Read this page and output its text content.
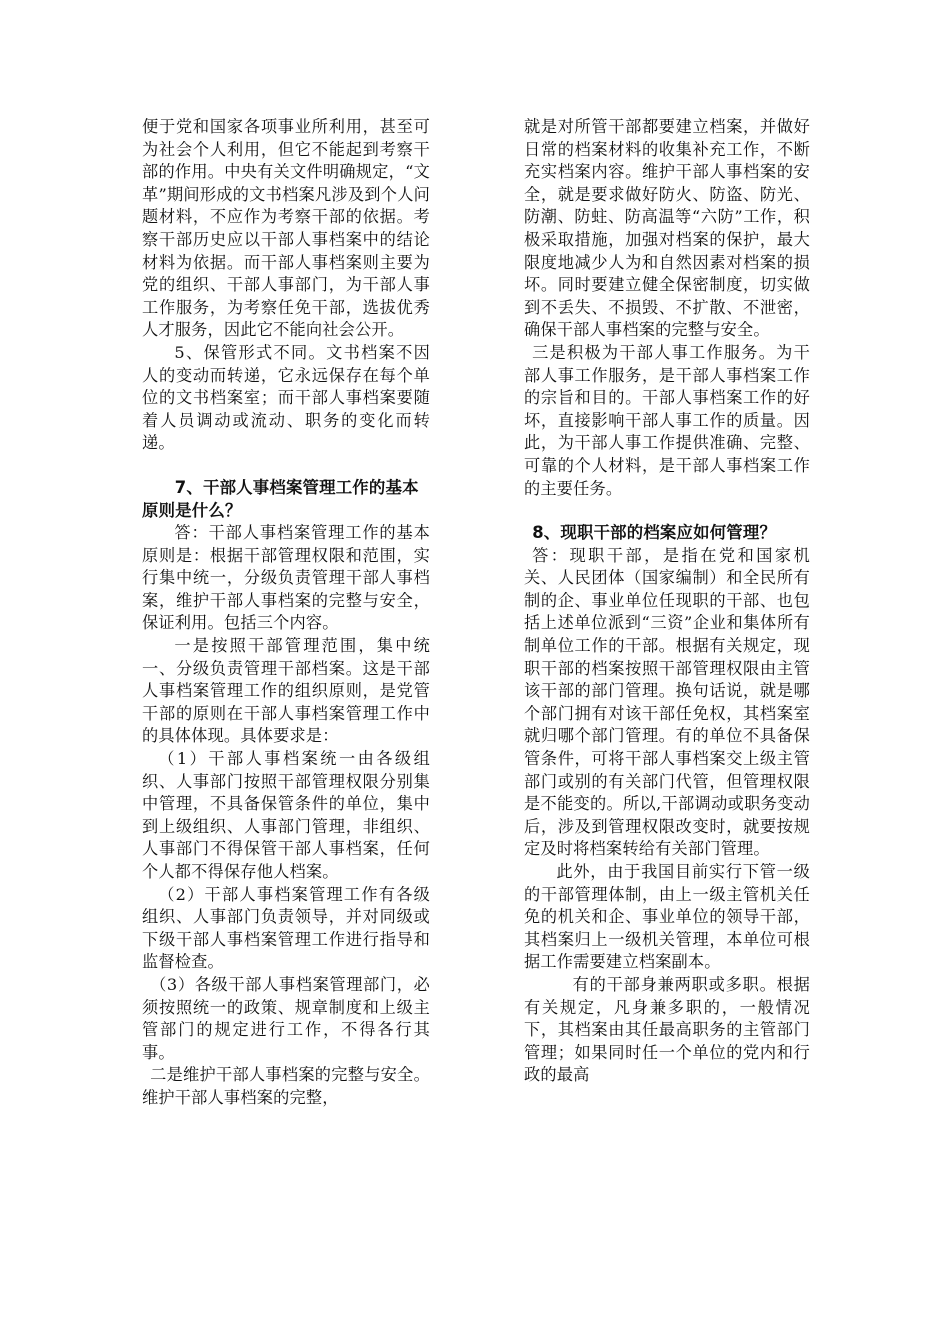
便于党和国家各项事业所利用，甚至可为社会个人利用，但它不能起到考察干部的作用。中央有关文件明确规定，“文革”期间形成的文书档案凡涉及到个人问题材料，不应作为考察干部的依据。考察干部历史应以干部人事档案中的结论材料为依据。而干部人事档案则主要为党的组织、干部人事部门，为干部人事工作服务，为考察任免干部，选拔优秀人才服务，因此它不能向社会公开。

5、保管形式不同。文书档案不因人的变动而转递，它永远保存在每个单位的文书档案室；而干部人事档案要随着人员调动或流动、职务的变化而转递。

7、干部人事档案管理工作的基本原则是什么？

答：干部人事档案管理工作的基本原则是：根据干部管理权限和范围，实行集中统一，分级负责管理干部人事档案，维护干部人事档案的完整与安全，保证利用。包括三个内容。

一是按照干部管理范围，集中统一、分级负责管理干部档案。这是干部人事档案管理工作的组织原则，是党管干部的原则在干部人事档案管理工作中的具体体现。具体要求是：

（1）干部人事档案统一由各级组织、人事部门按照干部管理权限分别集中管理，不具备保管条件的单位，集中到上级组织、人事部门管理，非组织、人事部门不得保管干部人事档案，任何个人都不得保存他人档案。

（2）干部人事档案管理工作有各级组织、人事部门负责领导，并对同级或下级干部人事档案管理工作进行指导和监督检查。

（3）各级干部人事档案管理部门，必须按照统一的政策、规章制度和上级主管部门的规定进行工作，不得各行其事。

二是维护干部人事档案的完整与安全。维护干部人事档案的完整，

就是对所管干部都要建立档案，并做好日常的档案材料的收集补充工作，不断充实档案内容。维护干部人事档案的安全，就是要求做好防火、防盗、防光、防潮、防蛀、防高温等“六防”工作，积极采取措施，加强对档案的保护，最大限度地减少人为和自然因素对档案的损坏。同时要建立健全保密制度，切实做到不丢失、不损毁、不扩散、不泄密，确保干部人事档案的完整与安全。

三是积极为干部人事工作服务。为干部人事工作服务，是干部人事档案工作的宗旨和目的。干部人事档案工作的好坏，直接影响干部人事工作的质量。因此，为干部人事工作提供准确、完整、可靠的个人材料，是干部人事档案工作的主要任务。

8、现职干部的档案应如何管理？

答：现职干部，是指在党和国家机关、人民团体（国家编制）和全民所有制的企、事业单位任现职的干部、也包括上述单位派到“三资”企业和集体所有制单位工作的干部。根据有关规定，现职干部的档案按照干部管理权限由主管该干部的部门管理。换句话说，就是哪个部门拥有对该干部任免权，其档案室就归哪个部门管理。有的单位不具备保管条件，可将干部人事档案交上级主管部门或别的有关部门代管，但管理权限是不能变的。所以,干部调动或职务变动后，涉及到管理权限改变时，就要按规定及时将档案转给有关部门管理。

此外，由于我国目前实行下管一级的干部管理体制，由上一级主管机关任免的机关和企、事业单位的领导干部，其档案归上一级机关管理，本单位可根据工作需要建立档案副本。

有的干部身兼两职或多职。根据有关规定，凡身兼多职的，一般情况下，其档案由其任最高职务的主管部门管理；如果同时任一个单位的党内和行政的最高
